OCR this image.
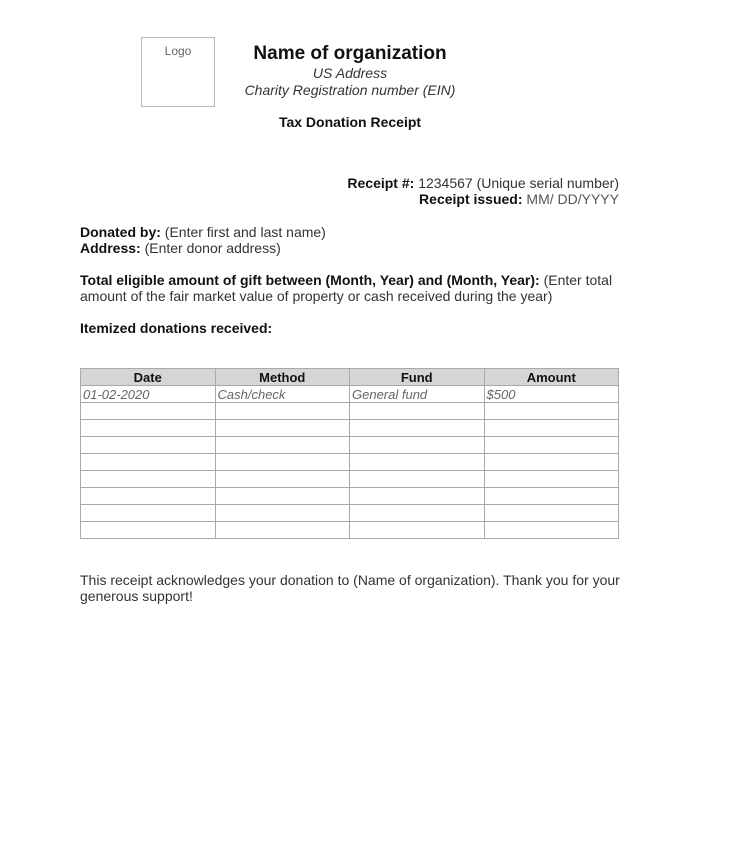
Logo	Name of organization
US Address
Charity Registration number (EIN)
Tax Donation Receipt
Receipt #: 1234567 (Unique serial number)
Receipt issued: MM/ DD/YYYY
Donated by: (Enter first and last name)
Address: (Enter donor address)
Total eligible amount of gift between (Month, Year) and (Month, Year): (Enter total amount of the fair market value of property or cash received during the year)
Itemized donations received:
Date	Method	Fund	Amount
01-02-2020	Cash/check	General fund	$500

This receipt acknowledges your donation to (Name of organization). Thank you for your generous support!
